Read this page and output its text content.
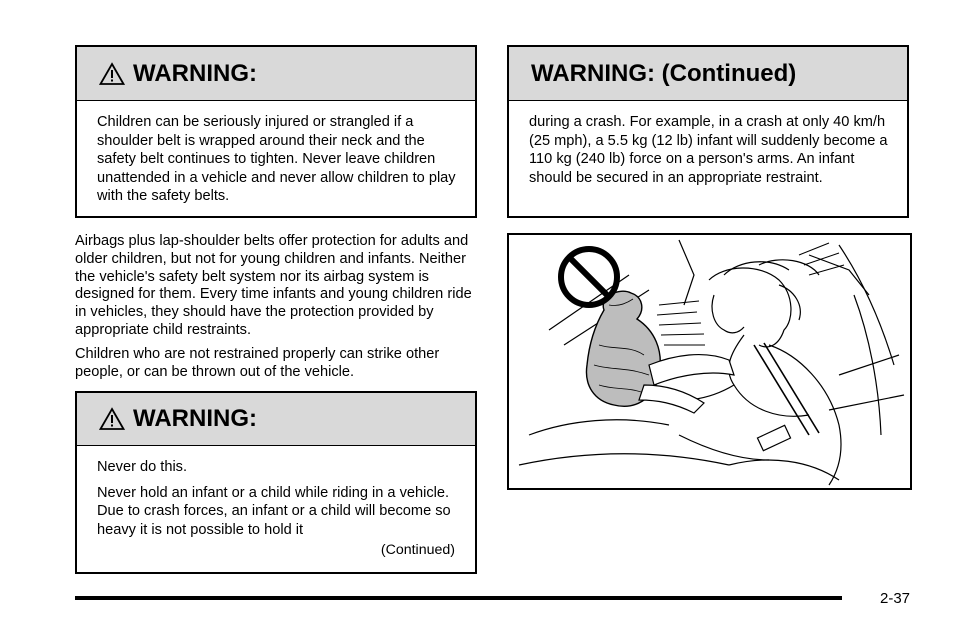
WARNING:

Children can be seriously injured or strangled if a shoulder belt is wrapped around their neck and the safety belt continues to tighten. Never leave children unattended in a vehicle and never allow children to play with the safety belts.

Airbags plus lap-shoulder belts offer protection for adults and older children, but not for young children and infants. Neither the vehicle's safety belt system nor its airbag system is designed for them. Every time infants and young children ride in vehicles, they should have the protection provided by appropriate child restraints.

Children who are not restrained properly can strike other people, or can be thrown out of the vehicle.

WARNING:

Never do this.

Never hold an infant or a child while riding in a vehicle. Due to crash forces, an infant or a child will become so heavy it is not possible to hold it

(Continued)
WARNING: (Continued)

during a crash. For example, in a crash at only 40 km/h (25 mph), a 5.5 kg (12 lb) infant will suddenly become a 110 kg (240 lb) force on a person's arms. An infant should be secured in an appropriate restraint.

2-37
